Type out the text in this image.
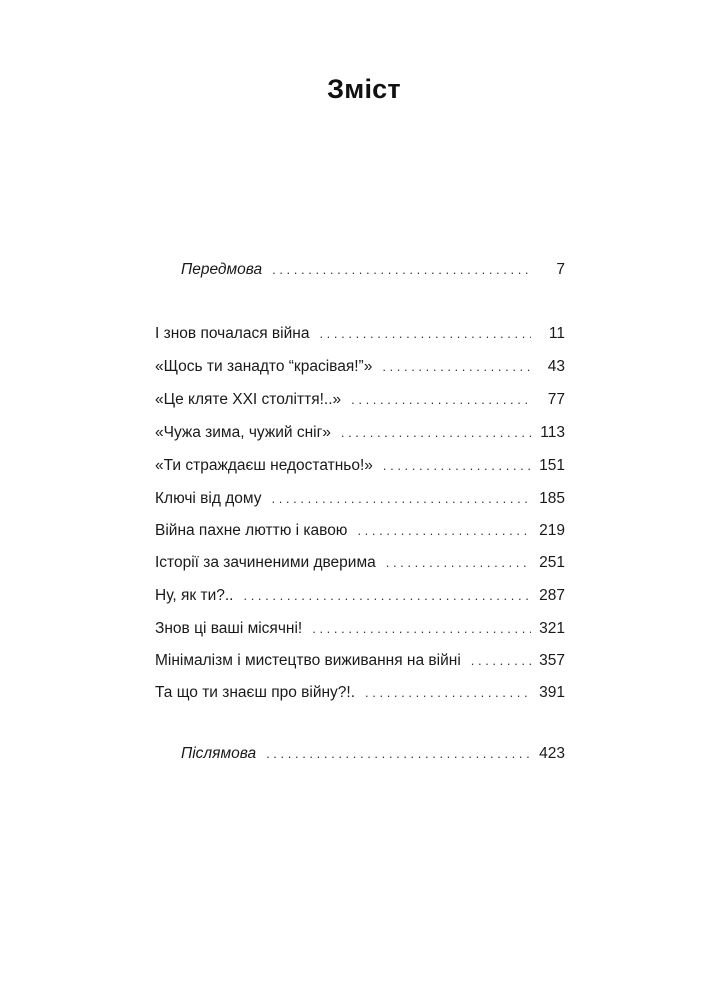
Зміст
Передмова . . .	7
І знов почалася війна . . .	11
«Щось ти занадто “красівая!”» . . .	43
«Це кляте XXI століття!..» . . .	77
«Чужа зима, чужий сніг» . . .	113
«Ти страждаєш недостатньо!» . . .	151
Ключі від дому . . .	185
Війна пахне люттю і кавою . . .	219
Історії за зачиненими дверима . . .	251
Ну, як ти?.. . . .	287
Знов ці ваші місячні! . . .	321
Мінімалізм і мистецтво виживання на війні . . .	357
Та що ти знаєш про війну?!. . . .	391
Післямова . . .	423
